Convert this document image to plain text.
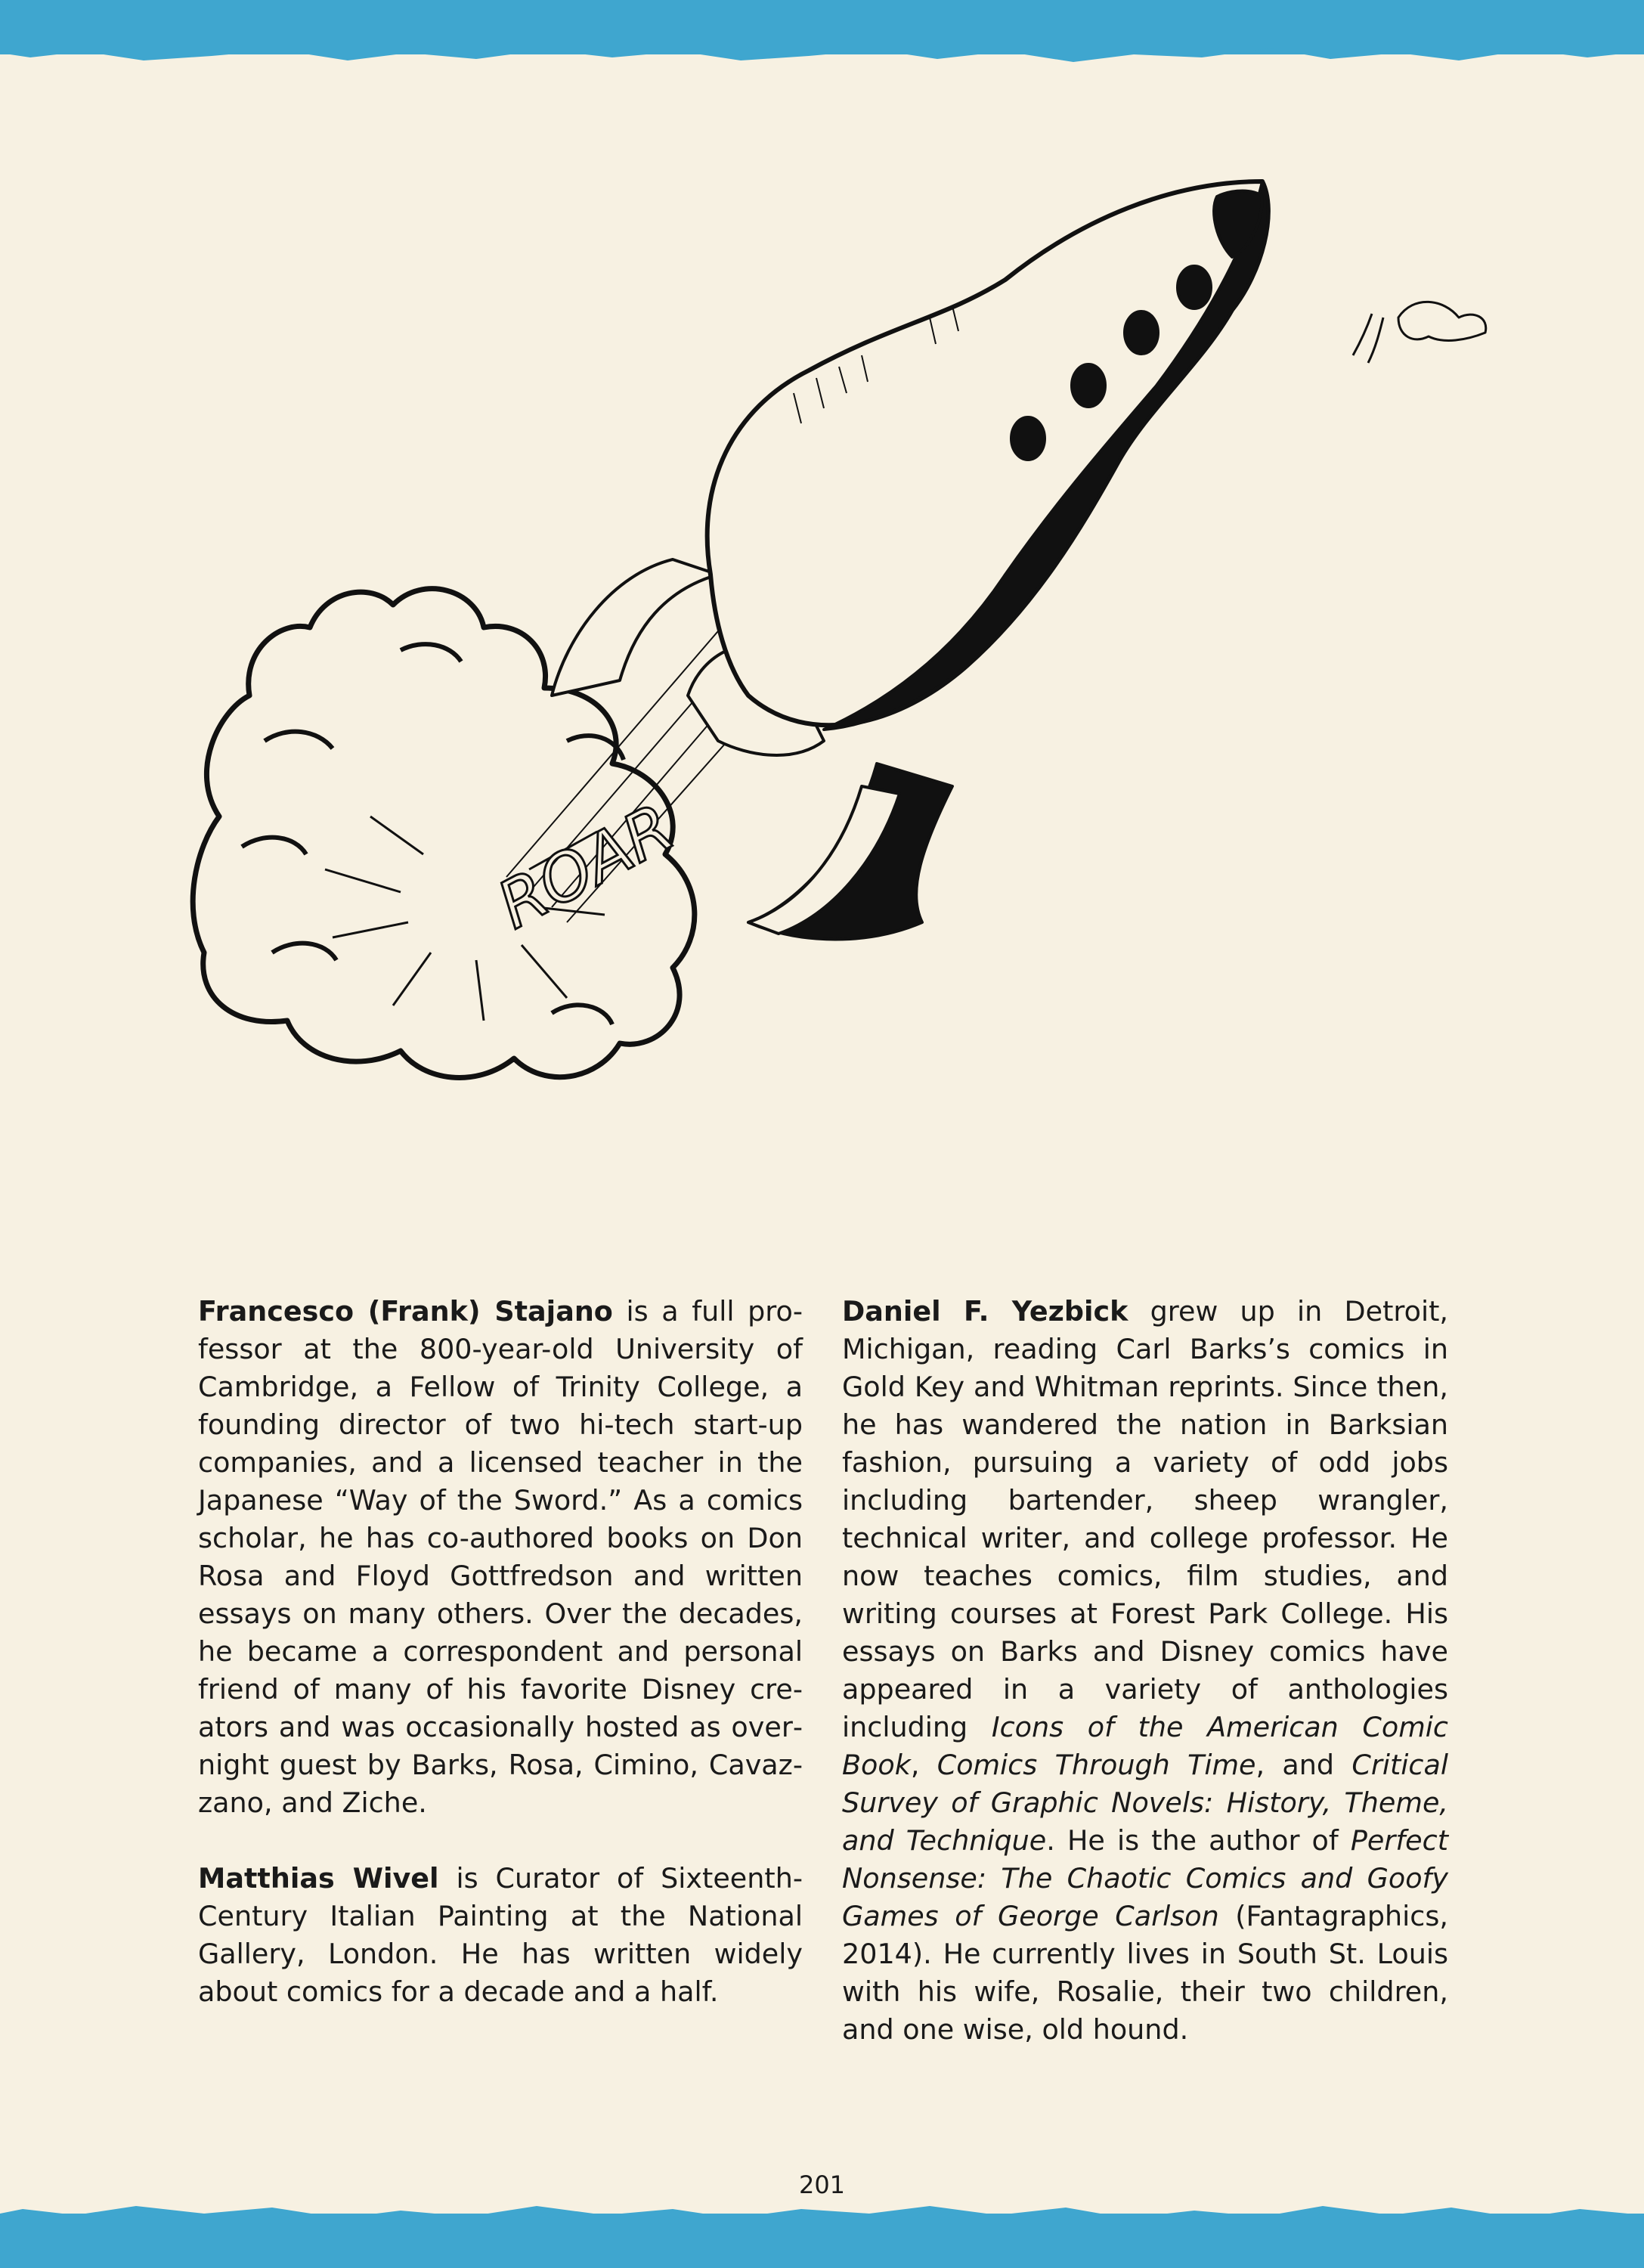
ROAR

Francesco (Frank) Stajano is a full professor at the 800-year-old University of Cambridge, a Fellow of Trinity College, a founding director of two hi-tech start-up companies, and a licensed teacher in the Japanese “Way of the Sword.” As a comics scholar, he has co-authored books on Don Rosa and Floyd Gottfredson and written essays on many others. Over the decades, he became a correspondent and personal friend of many of his favorite Disney creators and was occasionally hosted as overnight guest by Barks, Rosa, Cimino, Cavazzano, and Ziche.

Matthias Wivel is Curator of Sixteenth-Century Italian Painting at the National Gallery, London. He has written widely about comics for a decade and a half.

Daniel F. Yezbick grew up in Detroit, Michigan, reading Carl Barks’s comics in Gold Key and Whitman reprints. Since then, he has wandered the nation in Barksian fashion, pursuing a variety of odd jobs including bartender, sheep wrangler, technical writer, and college professor. He now teaches comics, film studies, and writing courses at Forest Park College. His essays on Barks and Disney comics have appeared in a variety of anthologies including Icons of the American Comic Book, Comics Through Time, and Critical Survey of Graphic Novels: History, Theme, and Technique. He is the author of Perfect Nonsense: The Chaotic Comics and Goofy Games of George Carlson (Fantagraphics, 2014). He currently lives in South St. Louis with his wife, Rosalie, their two children, and one wise, old hound.

201
